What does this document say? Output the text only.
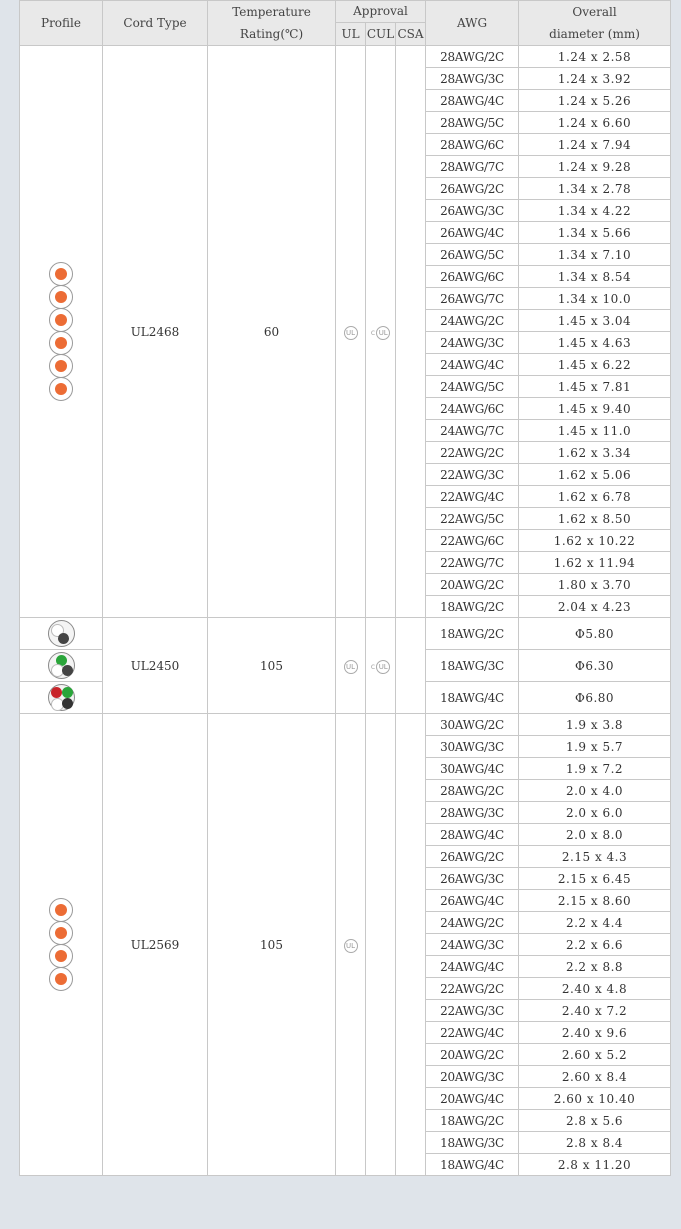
Profile	Cord Type	Temperature
Rating(℃)	Approval			AWG	Overall
diameter (mm)
			UL	CUL	CSA		

	UL2468	60	UL	c UL		28AWG/2C	1.24 x 2.58
						28AWG/3C	1.24 x 3.92
						28AWG/4C	1.24 x 5.26
						28AWG/5C	1.24 x 6.60
						28AWG/6C	1.24 x 7.94
						28AWG/7C	1.24 x 9.28
						26AWG/2C	1.34 x 2.78
						26AWG/3C	1.34 x 4.22
						26AWG/4C	1.34 x 5.66
						26AWG/5C	1.34 x 7.10
						26AWG/6C	1.34 x 8.54
						26AWG/7C	1.34 x 10.0
						24AWG/2C	1.45 x 3.04
						24AWG/3C	1.45 x 4.63
						24AWG/4C	1.45 x 6.22
						24AWG/5C	1.45 x 7.81
						24AWG/6C	1.45 x 9.40
						24AWG/7C	1.45 x 11.0
						22AWG/2C	1.62 x 3.34
						22AWG/3C	1.62 x 5.06
						22AWG/4C	1.62 x 6.78
						22AWG/5C	1.62 x 8.50
						22AWG/6C	1.62 x 10.22
						22AWG/7C	1.62 x 11.94
						20AWG/2C	1.80 x 3.70
						18AWG/2C	2.04 x 4.23

	UL2450	105	UL	c UL		18AWG/2C	Φ5.80

						18AWG/3C	Φ6.30

						18AWG/4C	Φ6.80

	UL2569	105	UL			30AWG/2C	1.9 x 3.8
						30AWG/3C	1.9 x 5.7
						30AWG/4C	1.9 x 7.2
						28AWG/2C	2.0 x 4.0
						28AWG/3C	2.0 x 6.0
						28AWG/4C	2.0 x 8.0
						26AWG/2C	2.15 x 4.3
						26AWG/3C	2.15 x 6.45
						26AWG/4C	2.15 x 8.60
						24AWG/2C	2.2 x 4.4
						24AWG/3C	2.2 x 6.6
						24AWG/4C	2.2 x 8.8
						22AWG/2C	2.40 x 4.8
						22AWG/3C	2.40 x 7.2
						22AWG/4C	2.40 x 9.6
						20AWG/2C	2.60 x 5.2
						20AWG/3C	2.60 x 8.4
						20AWG/4C	2.60 x 10.40
						18AWG/2C	2.8 x 5.6
						18AWG/3C	2.8 x 8.4
						18AWG/4C	2.8 x 11.20
